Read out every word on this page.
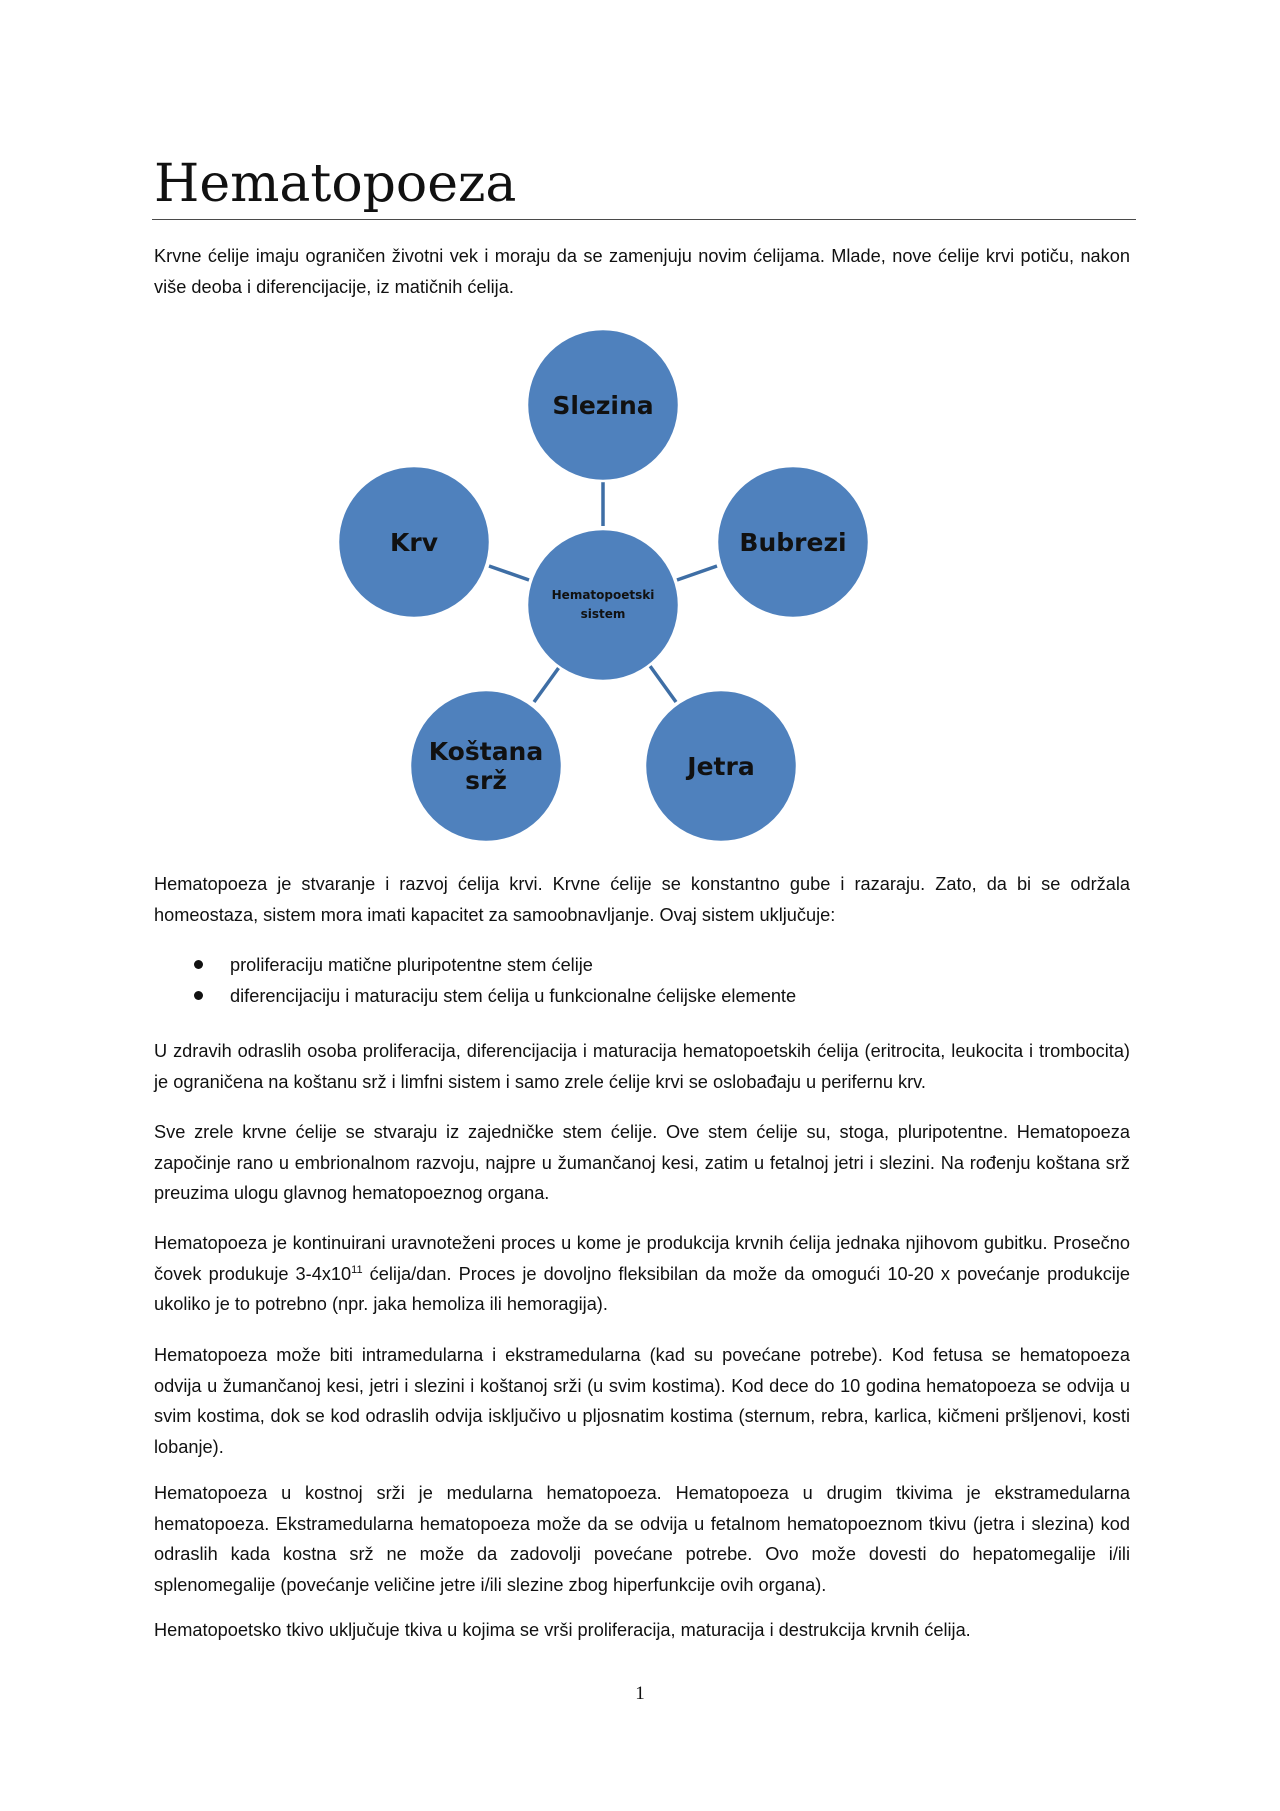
Hematopoeza

Krvne ćelije imaju ograničen životni vek i moraju da se zamenjuju novim ćelijama. Mlade, nove ćelije krvi potiču, nakon više deoba i diferencijacije, iz matičnih ćelija.

Slezina
Bubrezi
Jetra
Koštana
srž
Krv
Hematopoetski
sistem

Hematopoeza je stvaranje i razvoj ćelija krvi. Krvne ćelije se konstantno gube i razaraju. Zato, da bi se održala homeostaza, sistem mora imati kapacitet za samoobnavljanje. Ovaj sistem uključuje:

proliferaciju matične pluripotentne stem ćelije
diferencijaciju i maturaciju stem ćelija u funkcionalne ćelijske elemente

U zdravih odraslih osoba proliferacija, diferencijacija i maturacija hematopoetskih ćelija (eritrocita, leukocita i trombocita) je ograničena na koštanu srž i limfni sistem i samo zrele ćelije krvi se oslobađaju u perifernu krv.

Sve zrele krvne ćelije se stvaraju iz zajedničke stem ćelije. Ove stem ćelije su, stoga, pluripotentne. Hematopoeza započinje rano u embrionalnom razvoju, najpre u žumančanoj kesi, zatim u fetalnoj jetri i slezini. Na rođenju koštana srž preuzima ulogu glavnog hematopoeznog organa.

Hematopoeza je kontinuirani uravnoteženi proces u kome je produkcija krvnih ćelija jednaka njihovom gubitku. Prosečno čovek produkuje $3-4x10^{11}$ ćelija/dan. Proces je dovoljno fleksibilan da može da omogući 10-20 x povećanje produkcije ukoliko je to potrebno (npr. jaka hemoliza ili hemoragija).

Hematopoeza može biti intramedularna i ekstramedularna (kad su povećane potrebe). Kod fetusa se hematopoeza odvija u žumančanoj kesi, jetri i slezini i koštanoj srži (u svim kostima). Kod dece do 10 godina hematopoeza se odvija u svim kostima, dok se kod odraslih odvija isključivo u pljosnatim kostima (sternum, rebra, karlica, kičmeni pršljenovi, kosti lobanje).

Hematopoeza u kostnoj srži je medularna hematopoeza. Hematopoeza u drugim tkivima je ekstramedularna hematopoeza. Ekstramedularna hematopoeza može da se odvija u fetalnom hematopoeznom tkivu (jetra i slezina) kod odraslih kada kostna srž ne može da zadovolji povećane potrebe. Ovo može dovesti do hepatomegalije i/ili splenomegalije (povećanje veličine jetre i/ili slezine zbog hiperfunkcije ovih organa).

Hematopoetsko tkivo uključuje tkiva u kojima se vrši proliferacija, maturacija i destrukcija krvnih ćelija.

1
